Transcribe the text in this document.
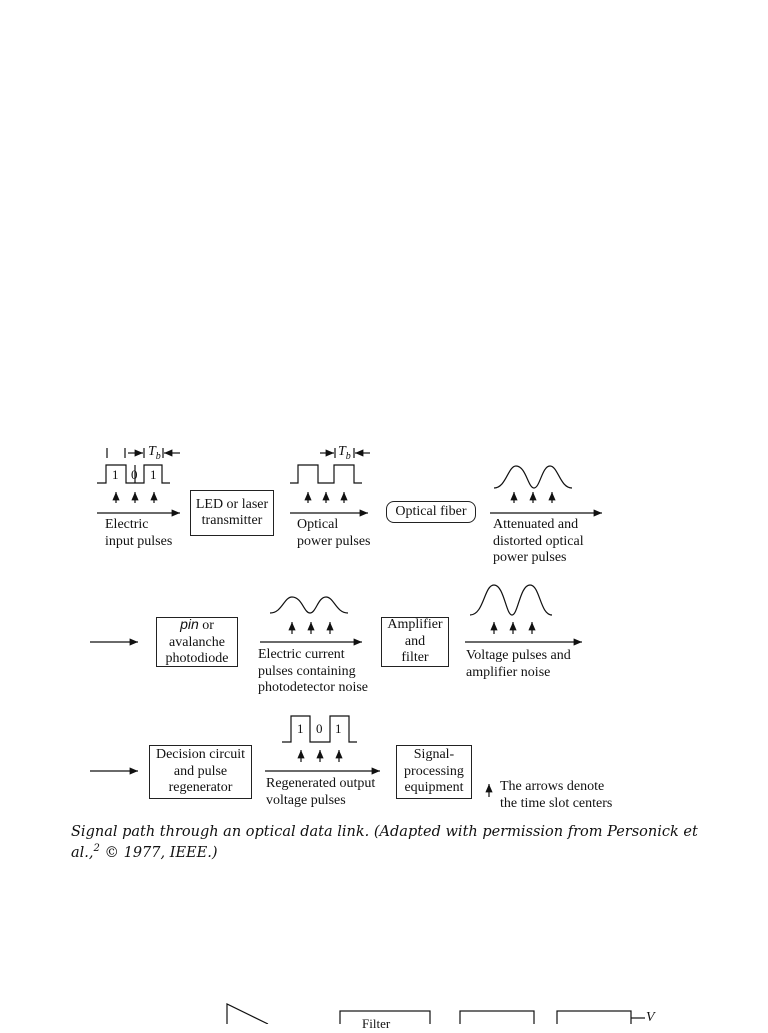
$T_b$	$T_b$
1 0 1
Electric
input pulses
LED or laser
transmitter Optical
power pulses
Optical fiber
Attenuated and
distorted optical
power pulses
pin or
avalanche
photodiode Electric current
pulses containing
photodetector noise
Amplifier
and
filter	Voltage pulses and
amplifier noise
Decision circuit
and pulse
regenerator
1 0 1
Regenerated output
voltage pulses
Signal-
processing
equipment	The arrows denote
the time slot centers
Signal path through an optical data link. (Adapted with permission from Personick et al.,$^2$ © 1977, IEEE.)
Filter	V
